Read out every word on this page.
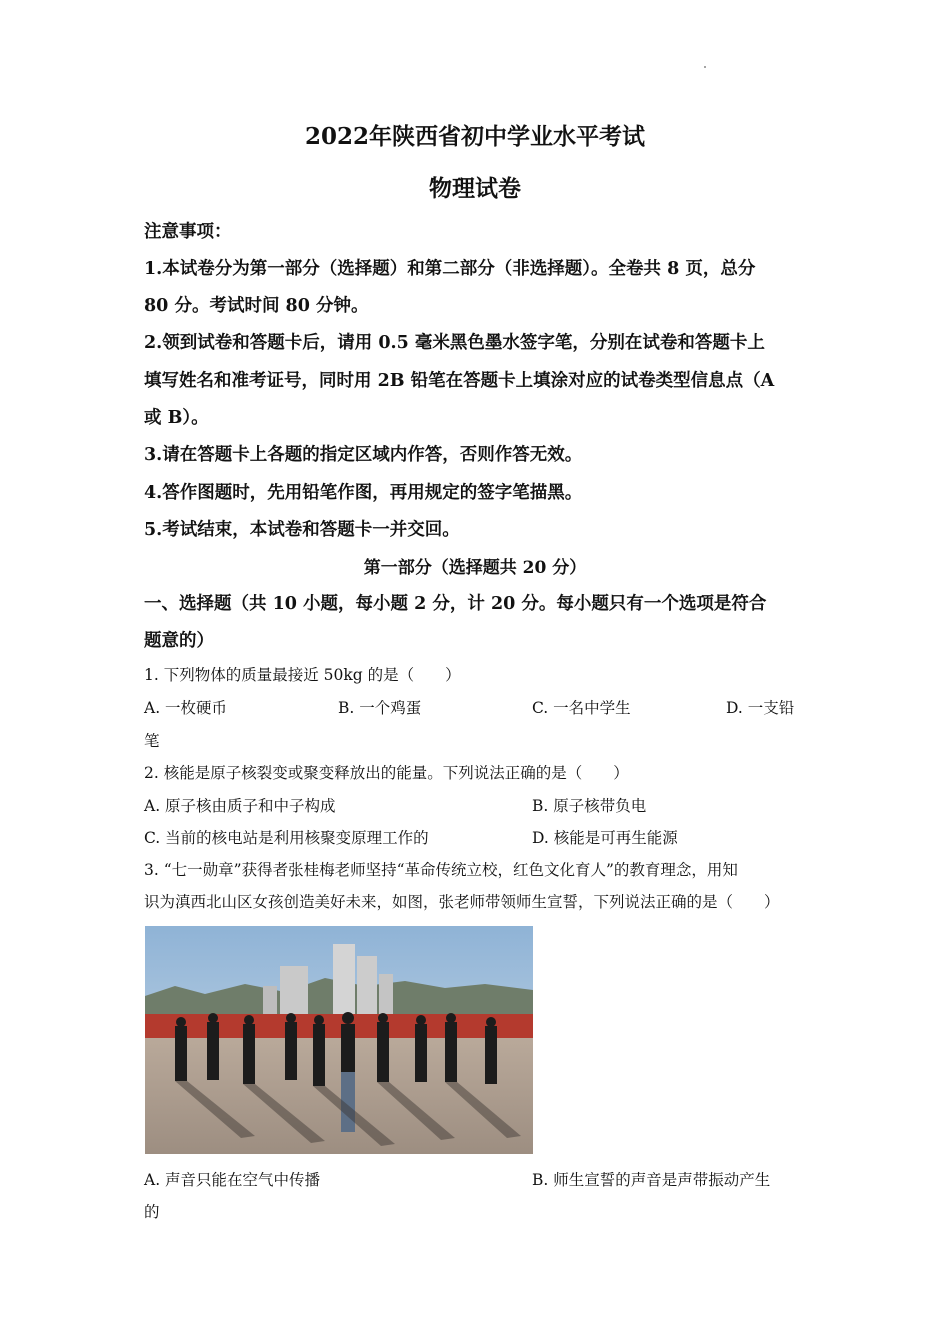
2022年陕西省初中学业水平考试
物理试卷
注意事项：
1.本试卷分为第一部分（选择题）和第二部分（非选择题）。全卷共 8 页，总分
80 分。考试时间 80 分钟。
2.领到试卷和答题卡后，请用 0.5 毫米黑色墨水签字笔，分别在试卷和答题卡上
填写姓名和准考证号，同时用 2B 铅笔在答题卡上填涂对应的试卷类型信息点（A
或 B）。
3.请在答题卡上各题的指定区域内作答，否则作答无效。
4.答作图题时，先用铅笔作图，再用规定的签字笔描黑。
5.考试结束，本试卷和答题卡一并交回。
第一部分（选择题共 20 分）
一、选择题（共 10 小题，每小题 2 分，计 20 分。每小题只有一个选项是符合
题意的）
1. 下列物体的质量最接近 50kg 的是（　　）
A. 一枚硬币	B. 一个鸡蛋	C. 一名中学生	D. 一支铅
笔
2. 核能是原子核裂变或聚变释放出的能量。下列说法正确的是（　　）
A. 原子核由质子和中子构成	B. 原子核带负电
C. 当前的核电站是利用核聚变原理工作的	D. 核能是可再生能源
3. “七一勋章”获得者张桂梅老师坚持“革命传统立校，红色文化育人”的教育理念，用知
识为滇西北山区女孩创造美好未来，如图，张老师带领师生宣誓，下列说法正确的是（　　）
A. 声音只能在空气中传播	B. 师生宣誓的声音是声带振动产生
的
